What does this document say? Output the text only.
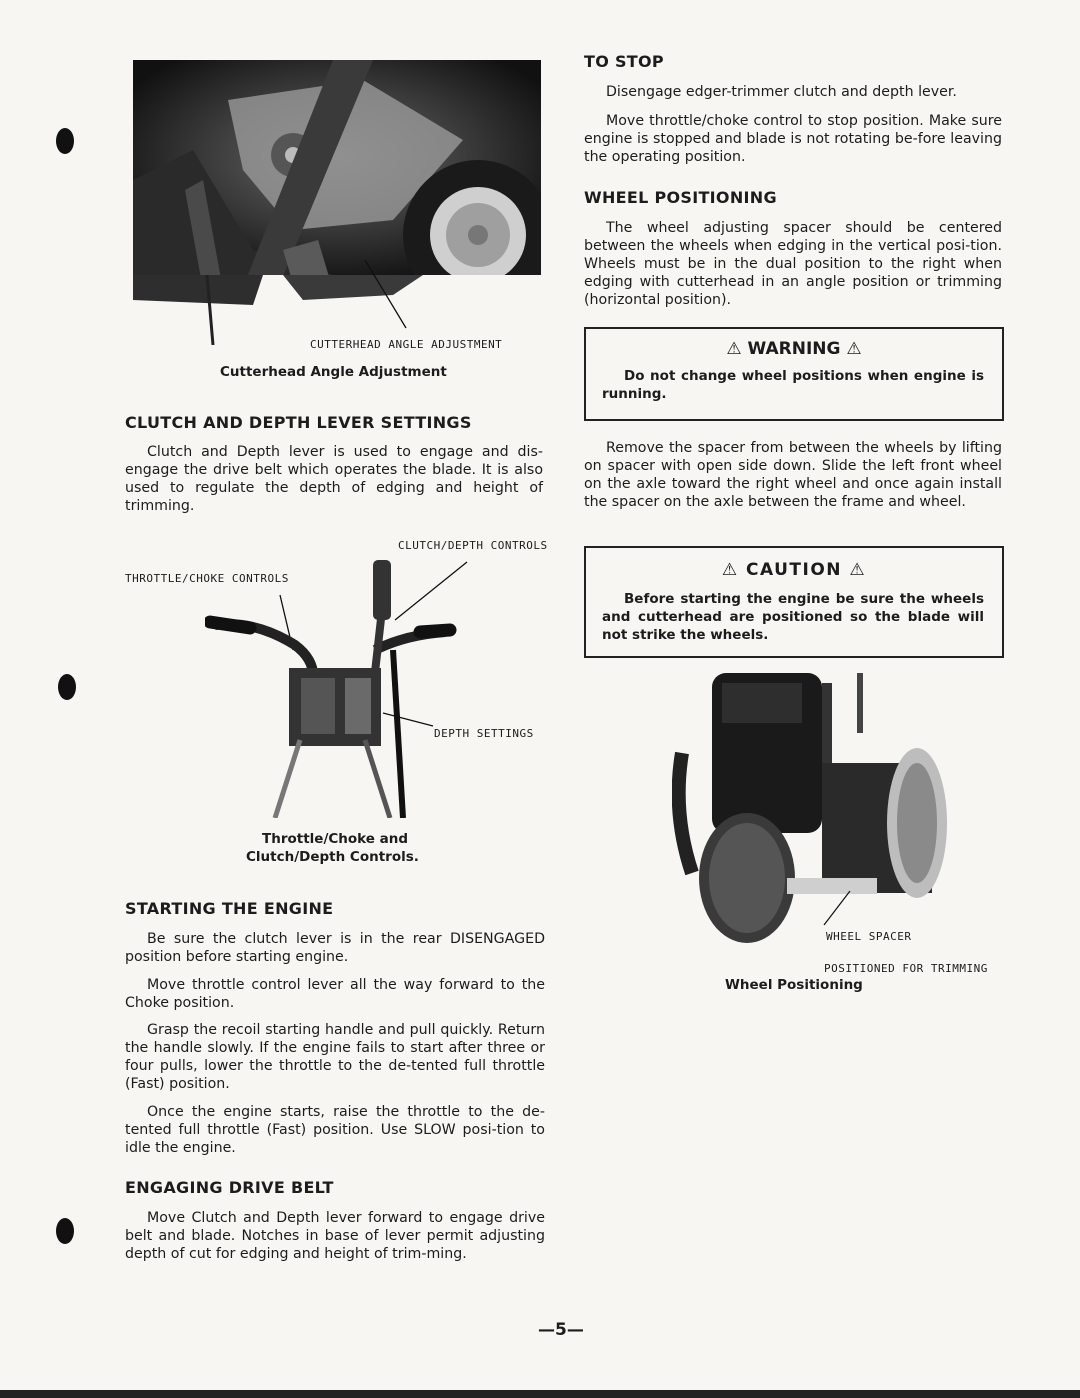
CUTTERHEAD ANGLE ADJUSTMENT
Cutterhead Angle Adjustment
CLUTCH AND DEPTH LEVER SETTINGS

Clutch and Depth lever is used to engage and dis-engage the drive belt which operates the blade. It is also used to regulate the depth of edging and height of trimming.

CLUTCH/DEPTH CONTROLS
THROTTLE/CHOKE CONTROLS
DEPTH SETTINGS
Throttle/Choke and
Clutch/Depth Controls.
STARTING THE ENGINE

Be sure the clutch lever is in the rear DISENGAGED position before starting engine.

Move throttle control lever all the way forward to the Choke position.

Grasp the recoil starting handle and pull quickly. Return the handle slowly. If the engine fails to start after three or four pulls, lower the throttle to the de-tented full throttle (Fast) position.

Once the engine starts, raise the throttle to the de-tented full throttle (Fast) position. Use SLOW posi-tion to idle the engine.

ENGAGING DRIVE BELT

Move Clutch and Depth lever forward to engage drive belt and blade. Notches in base of lever permit adjusting depth of cut for edging and height of trim-ming.

TO STOP

Disengage edger-trimmer clutch and depth lever.

Move throttle/choke control to stop position. Make sure engine is stopped and blade is not rotating be-fore leaving the operating position.

WHEEL POSITIONING

The wheel adjusting spacer should be centered between the wheels when edging in the vertical posi-tion. Wheels must be in the dual position to the right when edging with cutterhead in an angle position or trimming (horizontal position).

⚠ WARNING ⚠

Do not change wheel positions when engine is running.

Remove the spacer from between the wheels by lifting on spacer with open side down. Slide the left front wheel on the axle toward the right wheel and once again install the spacer on the axle between the frame and wheel.

⚠ CAUTION ⚠

Before starting the engine be sure the wheels and cutterhead are positioned so the blade will not strike the wheels.

WHEEL SPACER
POSITIONED FOR TRIMMING
Wheel Positioning
—5—
